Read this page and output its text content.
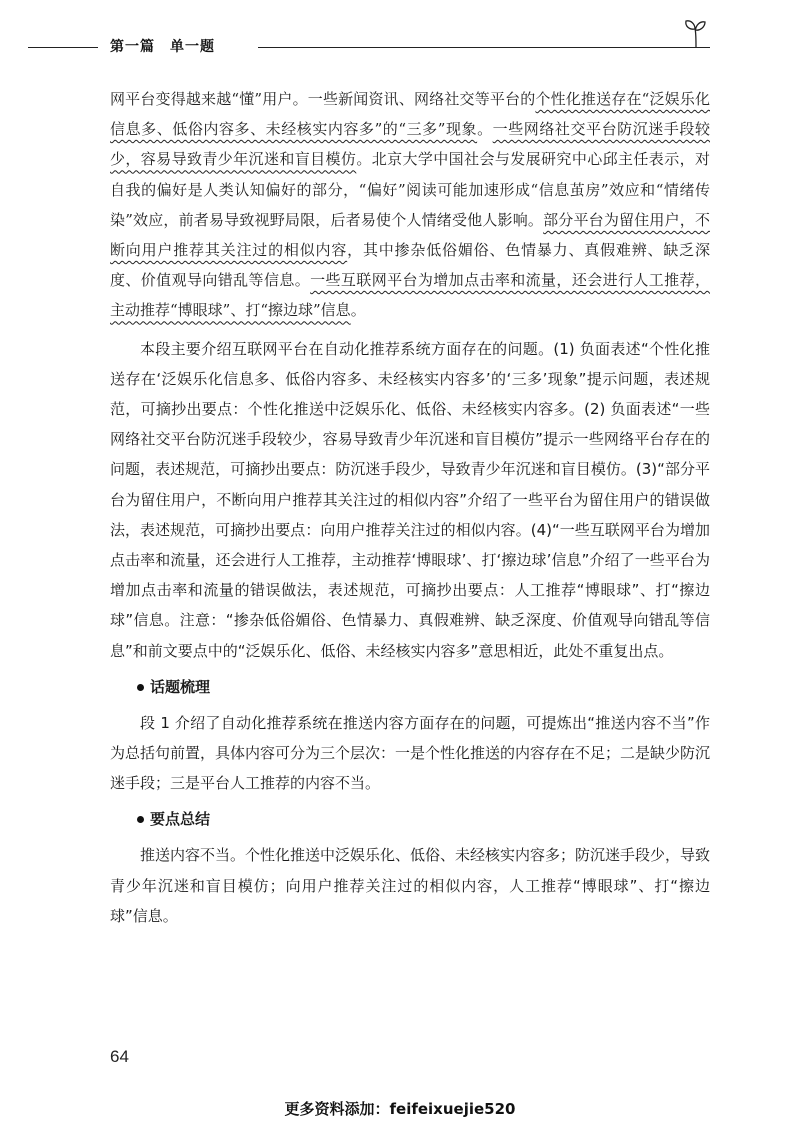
第一篇　单一题

网平台变得越来越“懂”用户。一些新闻资讯、网络社交等平台的个性化推送存在“泛娱乐化信息多、低俗内容多、未经核实内容多”的“三多”现象。一些网络社交平台防沉迷手段较少，容易导致青少年沉迷和盲目模仿。北京大学中国社会与发展研究中心邱主任表示，对自我的偏好是人类认知偏好的部分，“偏好”阅读可能加速形成“信息茧房”效应和“情绪传染”效应，前者易导致视野局限，后者易使个人情绪受他人影响。部分平台为留住用户，不断向用户推荐其关注过的相似内容，其中掺杂低俗媚俗、色情暴力、真假难辨、缺乏深度、价值观导向错乱等信息。一些互联网平台为增加点击率和流量，还会进行人工推荐，主动推荐“博眼球”、打“擦边球”信息。

本段主要介绍互联网平台在自动化推荐系统方面存在的问题。(1) 负面表述“个性化推送存在‘泛娱乐化信息多、低俗内容多、未经核实内容多’的‘三多’现象”提示问题，表述规范，可摘抄出要点：个性化推送中泛娱乐化、低俗、未经核实内容多。(2) 负面表述“一些网络社交平台防沉迷手段较少，容易导致青少年沉迷和盲目模仿”提示一些网络平台存在的问题，表述规范，可摘抄出要点：防沉迷手段少，导致青少年沉迷和盲目模仿。(3)“部分平台为留住用户，不断向用户推荐其关注过的相似内容”介绍了一些平台为留住用户的错误做法，表述规范，可摘抄出要点：向用户推荐关注过的相似内容。(4)“一些互联网平台为增加点击率和流量，还会进行人工推荐，主动推荐‘博眼球’、打‘擦边球’信息”介绍了一些平台为增加点击率和流量的错误做法，表述规范，可摘抄出要点：人工推荐“博眼球”、打“擦边球”信息。注意：“掺杂低俗媚俗、色情暴力、真假难辨、缺乏深度、价值观导向错乱等信息”和前文要点中的“泛娱乐化、低俗、未经核实内容多”意思相近，此处不重复出点。

话题梳理

段 1 介绍了自动化推荐系统在推送内容方面存在的问题，可提炼出“推送内容不当”作为总括句前置，具体内容可分为三个层次：一是个性化推送的内容存在不足；二是缺少防沉迷手段；三是平台人工推荐的内容不当。

要点总结

推送内容不当。个性化推送中泛娱乐化、低俗、未经核实内容多；防沉迷手段少，导致青少年沉迷和盲目模仿；向用户推荐关注过的相似内容，人工推荐“博眼球”、打“擦边球”信息。

64
更多资料添加：feifeixuejie520
